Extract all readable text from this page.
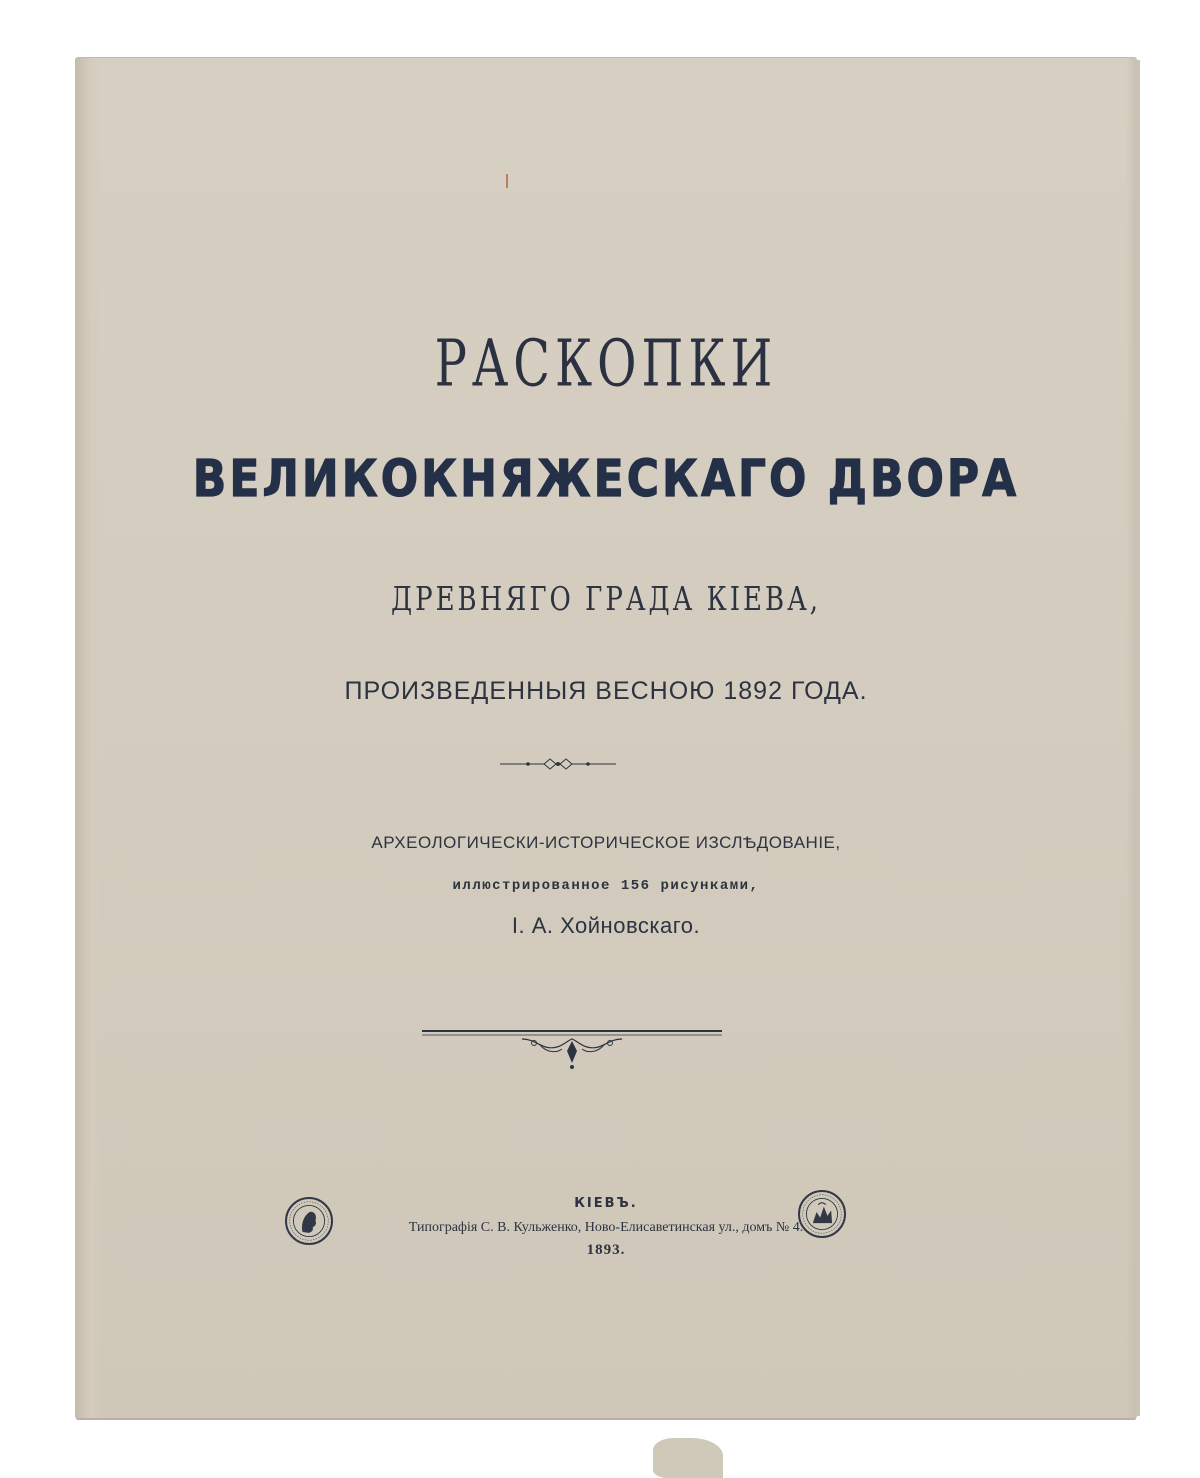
РАСКОПКИ
ВЕЛИКОКНЯЖЕСКАГО ДВОРА
ДРЕВНЯГО ГРАДА КІЕВА,
ПРОИЗВЕДЕННЫЯ ВЕСНОЮ 1892 ГОДА.
АРХЕОЛОГИЧЕСКИ-ИСТОРИЧЕСКОЕ ИЗСЛѢДОВАНІЕ,
иллюстрированное 156 рисунками,
І. А. Хойновскаго.
КІЕВЪ.
Типографія С. В. Кульженко, Ново-Елисаветинская ул., домъ № 4.
1893.
